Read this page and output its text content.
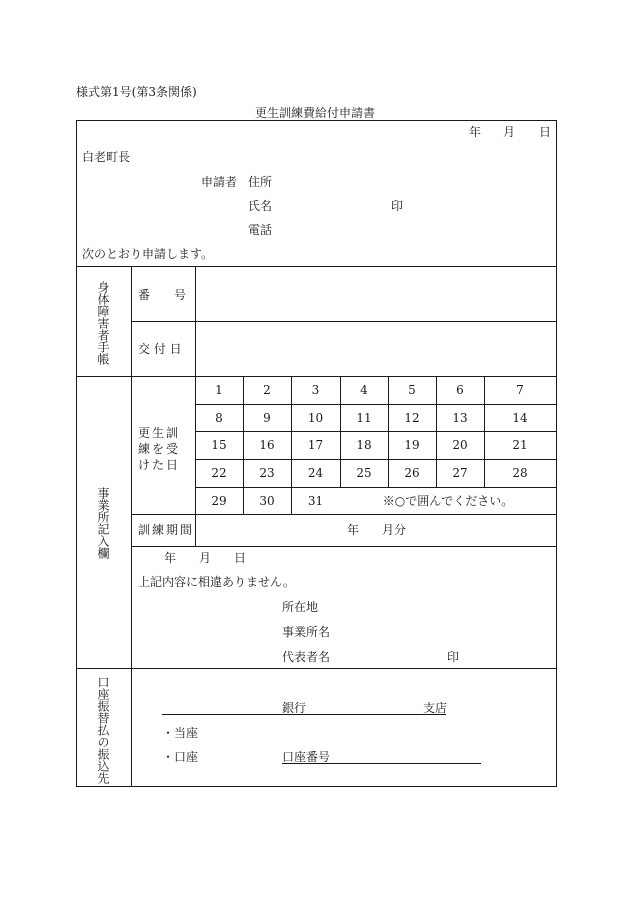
様式第1号(第3条関係)
更生訓練費給付申請書
年 月 日
白老町長
申請者 住所
氏名	印
電話
次のとおり申請します。
身体障害者手帳 番　　号
交 付 日
事業所記入欄
更生訓練を受けた日
1	2	3	4	5	6	7
8	9	10	11	12	13	14
15	16	17	18	19	20	21
22	23	24	25	26	27	28
29	30	31	※○で囲んでください。
訓練期間	年 月分
年 月 日
上記内容に相違ありません。
所在地
事業所名
代表者名	印
口座振替払の振込先	銀行	支店
・当座
・口座	口座番号
